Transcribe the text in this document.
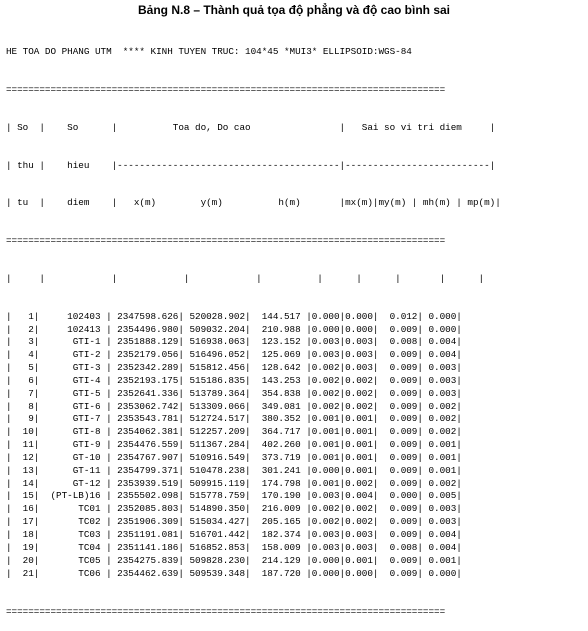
Bảng N.8 – Thành quả tọa độ phẳng và độ cao bình sai

HE TOA DO PHANG UTM  **** KINH TUYEN TRUC: 104*45 *MUI3* ELLIPSOID:WGS-84

===============================================================================

| So  |    So      |          Toa do, Do cao                |   Sai so vi tri diem     |

| thu |    hieu    |----------------------------------------|--------------------------|

| tu  |    diem    |   x(m)        y(m)          h(m)       |mx(m)|my(m) | mh(m) | mp(m)|

===============================================================================

|     |            |            |            |          |      |      |       |      |

|   1|     102403 | 2347598.626| 520028.902|  144.517 |0.000|0.000|  0.012| 0.000|
|   2|     102413 | 2354496.980| 509032.204|  210.988 |0.000|0.000|  0.009| 0.000|
|   3|      GTI-1 | 2351888.129| 516938.063|  123.152 |0.003|0.003|  0.008| 0.004|
|   4|      GTI-2 | 2352179.056| 516496.052|  125.069 |0.003|0.003|  0.009| 0.004|
|   5|      GTI-3 | 2352342.289| 515812.456|  128.642 |0.002|0.003|  0.009| 0.003|
|   6|      GTI-4 | 2352193.175| 515186.835|  143.253 |0.002|0.002|  0.009| 0.003|
|   7|      GTI-5 | 2352641.336| 513789.364|  354.838 |0.002|0.002|  0.009| 0.003|
|   8|      GTI-6 | 2353062.742| 513309.066|  349.081 |0.002|0.002|  0.009| 0.002|
|   9|      GTI-7 | 2353543.781| 512724.517|  380.352 |0.001|0.001|  0.009| 0.002|
|  10|      GTI-8 | 2354062.381| 512257.209|  364.717 |0.001|0.001|  0.009| 0.002|
|  11|      GTI-9 | 2354476.559| 511367.284|  402.260 |0.001|0.001|  0.009| 0.001|
|  12|      GT-10 | 2354767.907| 510916.549|  373.719 |0.001|0.001|  0.009| 0.001|
|  13|      GT-11 | 2354799.371| 510478.238|  301.241 |0.000|0.001|  0.009| 0.001|
|  14|      GT-12 | 2353939.519| 509915.119|  174.798 |0.001|0.002|  0.009| 0.002|
|  15|  (PT-LB)16 | 2355502.098| 515778.759|  170.190 |0.003|0.004|  0.000| 0.005|
|  16|       TC01 | 2352085.803| 514890.350|  216.009 |0.002|0.002|  0.009| 0.003|
|  17|       TC02 | 2351906.309| 515034.427|  205.165 |0.002|0.002|  0.009| 0.003|
|  18|       TC03 | 2351191.081| 516701.442|  182.374 |0.003|0.003|  0.009| 0.004|
|  19|       TC04 | 2351141.186| 516852.853|  158.009 |0.003|0.003|  0.008| 0.004|
|  20|       TC05 | 2354275.839| 509828.230|  214.129 |0.000|0.001|  0.009| 0.001|
|  21|       TC06 | 2354462.639| 509539.348|  187.720 |0.000|0.000|  0.009| 0.000|

===============================================================================
